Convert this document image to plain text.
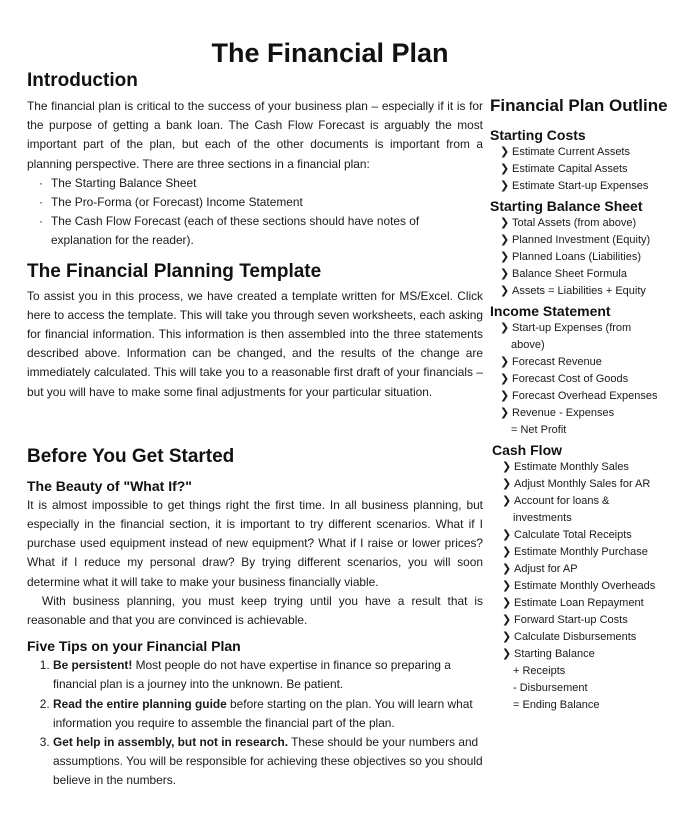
The Financial Plan
Introduction

The financial plan is critical to the success of your business plan – especially if it is for the purpose of getting a bank loan. The Cash Flow Forecast is arguably the most important part of the plan, but each of the other documents is important from a planning perspective. There are three sections in a financial plan:

· The Starting Balance Sheet
· The Pro-Forma (or Forecast) Income Statement
· The Cash Flow Forecast (each of these sections should have notes of explanation for the reader).
The Financial Planning Template

To assist you in this process, we have created a template written for MS/Excel. Click here to access the template. This will take you through seven worksheets, each asking for financial information. This information is then assembled into the three statements described above. Information can be changed, and the results of the change are immediately calculated. This will take you to a reasonable first draft of your financials – but you will have to make some final adjustments for your particular situation.

Before You Get Started
The Beauty of "What If?"

It is almost impossible to get things right the first time. In all business planning, but especially in the financial section, it is important to try different scenarios. What if I purchase used equipment instead of new equipment? What if I raise or lower prices? What if I reduce my personal draw? By trying different scenarios, you will soon determine what it will take to make your business financially viable.

With business planning, you must keep trying until you have a result that is reasonable and that you are convinced is achievable.

Five Tips on your Financial Plan
1. Be persistent! Most people do not have expertise in finance so preparing a financial plan is a journey into the unknown. Be patient.
2. Read the entire planning guide before starting on the plan. You will learn what information you require to assemble the financial part of the plan.
3. Get help in assembly, but not in research. These should be your numbers and assumptions. You will be responsible for achieving these objectives so you should believe in the numbers.
Financial Plan Outline
Starting Costs
❯ Estimate Current Assets
❯ Estimate Capital Assets
❯ Estimate Start-up Expenses
Starting Balance Sheet
❯ Total Assets (from above)
❯ Planned Investment (Equity)
❯ Planned Loans (Liabilities)
❯ Balance Sheet Formula
❯ Assets = Liabilities + Equity
Income Statement
❯ Start-up Expenses (from
above)
❯ Forecast Revenue
❯ Forecast Cost of Goods
❯ Forecast Overhead Expenses
❯ Revenue - Expenses
= Net Profit
Cash Flow
❯ Estimate Monthly Sales
❯ Adjust Monthly Sales for AR
❯ Account for loans &
investments
❯ Calculate Total Receipts
❯ Estimate Monthly Purchase
❯ Adjust for AP
❯ Estimate Monthly Overheads
❯ Estimate Loan Repayment
❯ Forward Start-up Costs
❯ Calculate Disbursements
❯ Starting Balance
+ Receipts
- Disbursement
= Ending Balance
